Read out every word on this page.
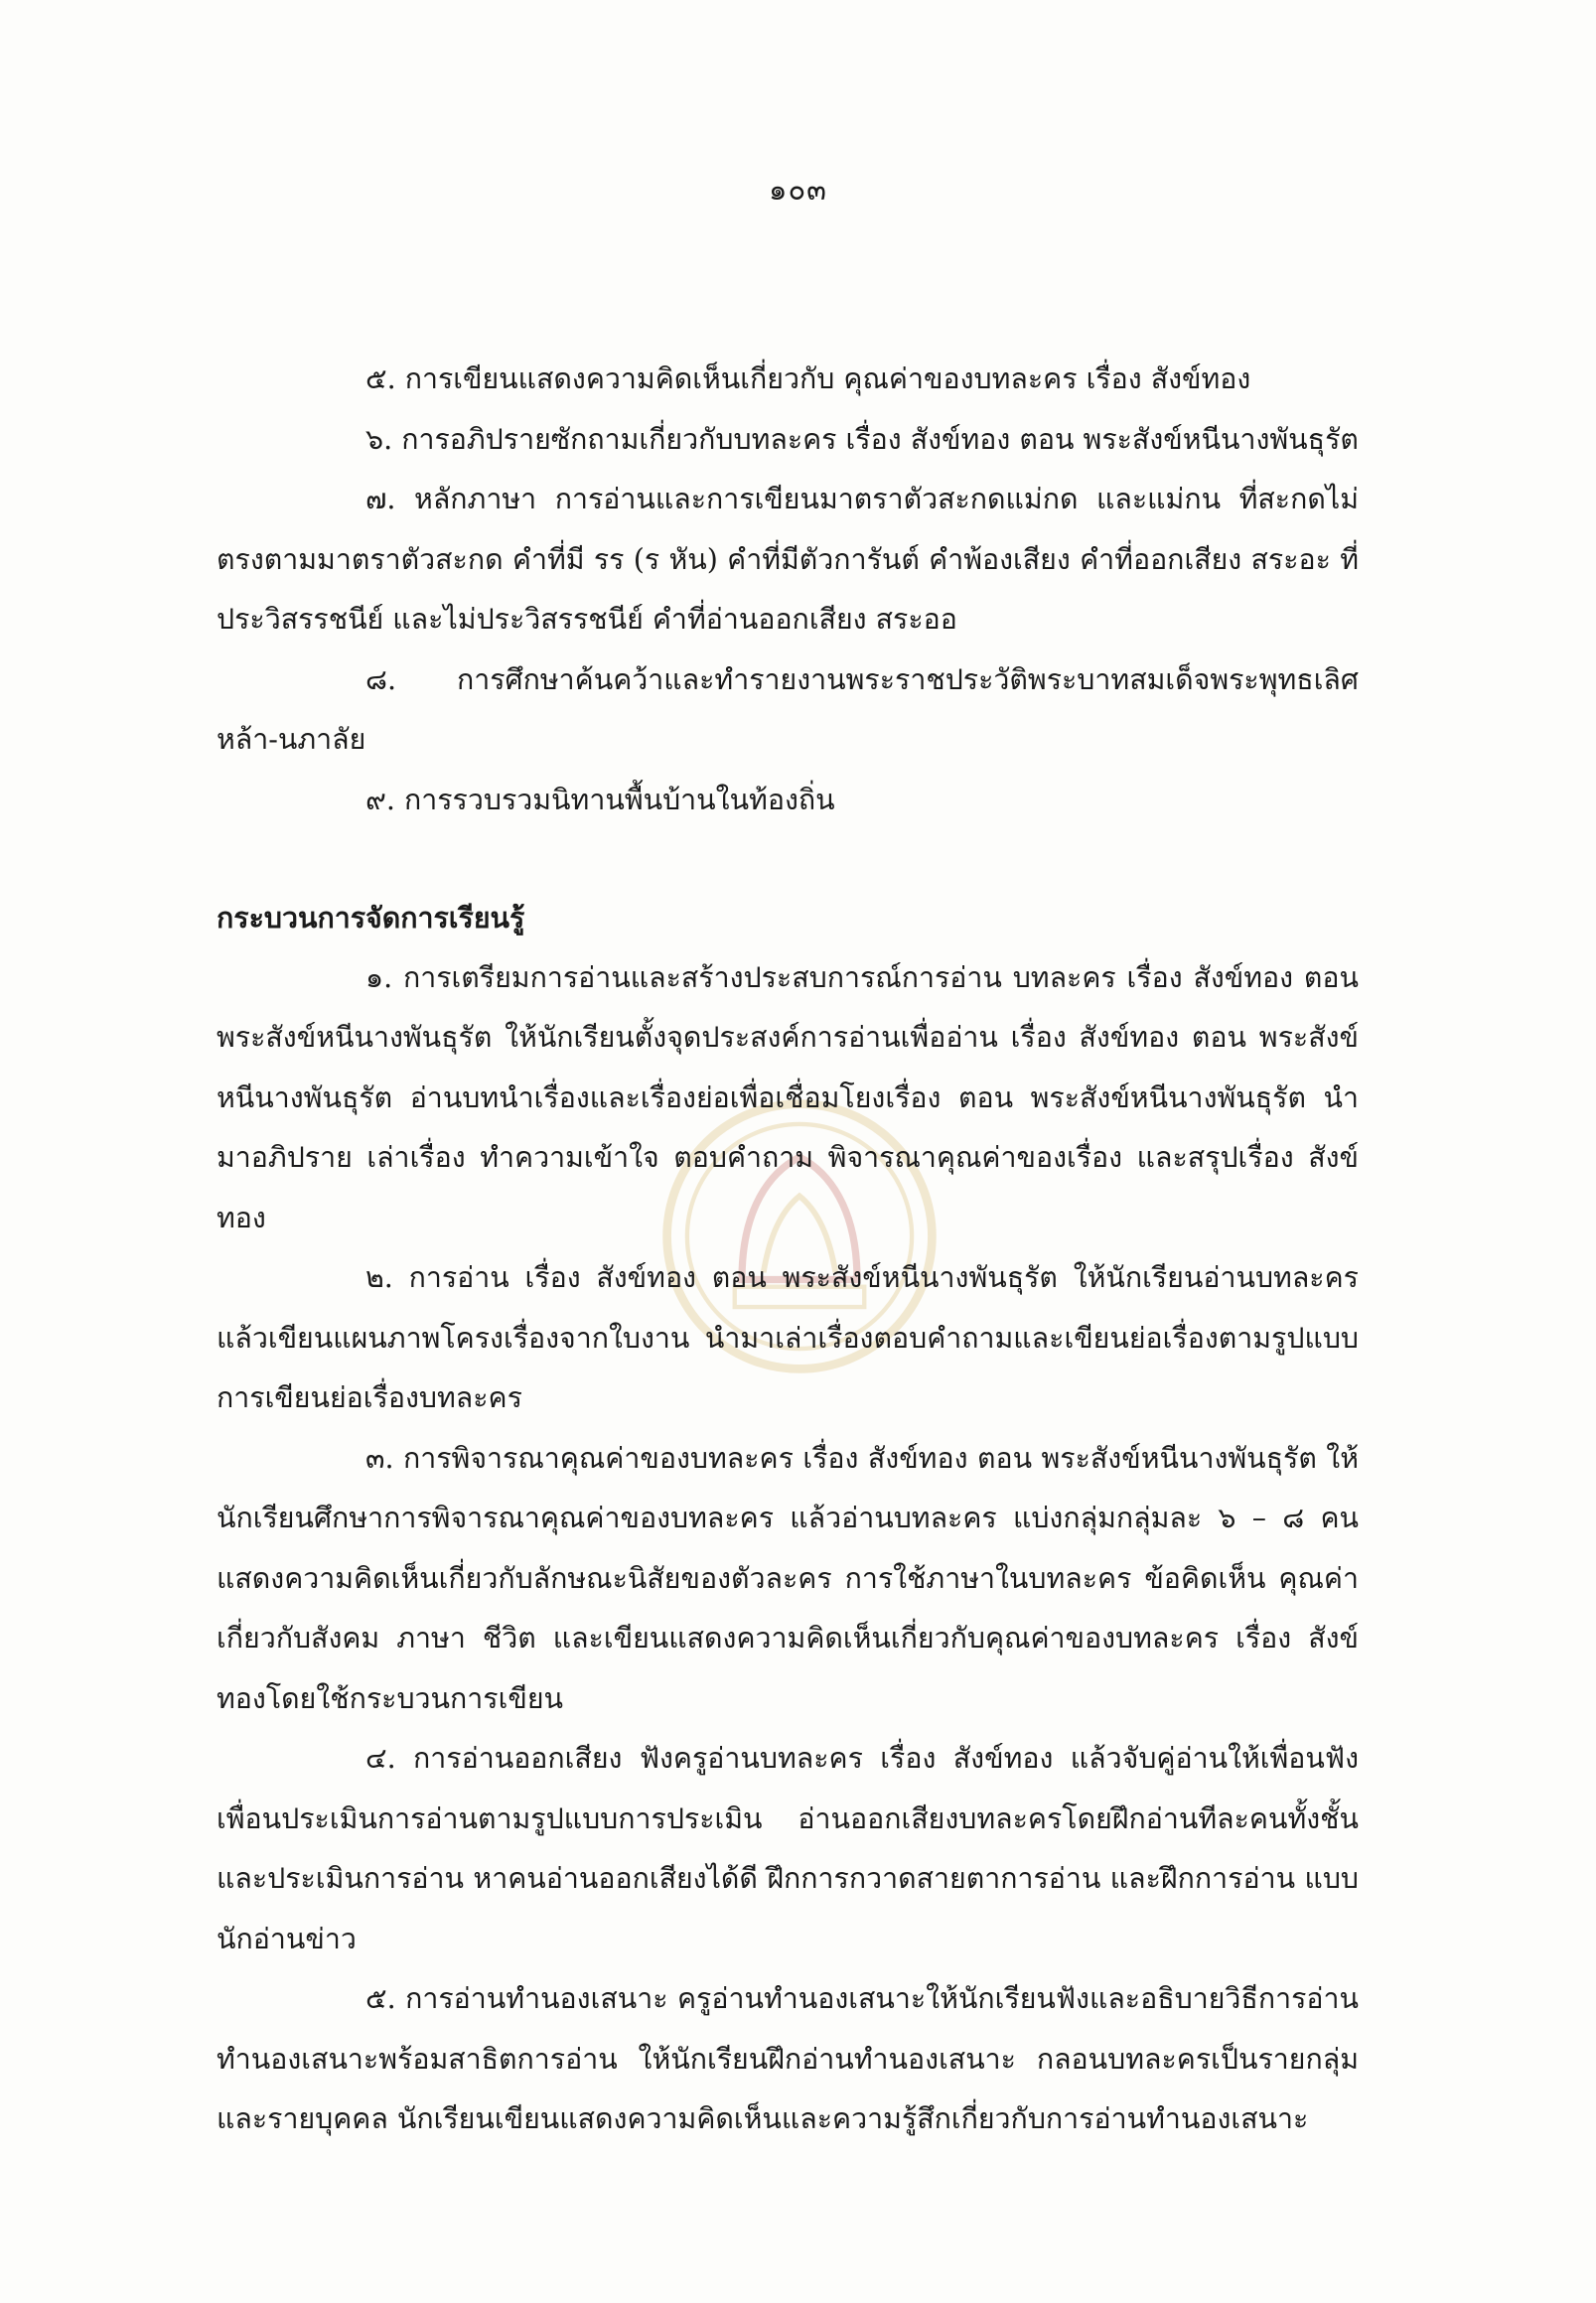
๑๐๓

๕. การเขียนแสดงความคิดเห็นเกี่ยวกับ คุณค่าของบทละคร เรื่อง สังข์ทอง

๖. การอภิปรายซักถามเกี่ยวกับบทละคร เรื่อง สังข์ทอง ตอน พระสังข์หนีนางพันธุรัต

๗. หลักภาษา การอ่านและการเขียนมาตราตัวสะกดแม่กด และแม่กน ที่สะกดไม่ตรงตามมาตราตัวสะกด คำที่มี รร (ร หัน) คำที่มีตัวการันต์ คำพ้องเสียง คำที่ออกเสียง สระอะ ที่ประวิสรรชนีย์ และไม่ประวิสรรชนีย์ คำที่อ่านออกเสียง สระออ

๘. การศึกษาค้นคว้าและทำรายงานพระราชประวัติพระบาทสมเด็จพระพุทธเลิศหล้า-นภาลัย

๙. การรวบรวมนิทานพื้นบ้านในท้องถิ่น

กระบวนการจัดการเรียนรู้

๑. การเตรียมการอ่านและสร้างประสบการณ์การอ่าน บทละคร เรื่อง สังข์ทอง ตอน พระสังข์หนีนางพันธุรัต ให้นักเรียนตั้งจุดประสงค์การอ่านเพื่ออ่าน เรื่อง สังข์ทอง ตอน พระสังข์หนีนางพันธุรัต อ่านบทนำเรื่องและเรื่องย่อเพื่อเชื่อมโยงเรื่อง ตอน พระสังข์หนีนางพันธุรัต นำมาอภิปราย เล่าเรื่อง ทำความเข้าใจ ตอบคำถาม พิจารณาคุณค่าของเรื่อง และสรุปเรื่อง สังข์ทอง

๒. การอ่าน เรื่อง สังข์ทอง ตอน พระสังข์หนีนางพันธุรัต ให้นักเรียนอ่านบทละคร แล้วเขียนแผนภาพโครงเรื่องจากใบงาน นำมาเล่าเรื่องตอบคำถามและเขียนย่อเรื่องตามรูปแบบ การเขียนย่อเรื่องบทละคร

๓. การพิจารณาคุณค่าของบทละคร เรื่อง สังข์ทอง ตอน พระสังข์หนีนางพันธุรัต ให้นักเรียนศึกษาการพิจารณาคุณค่าของบทละคร แล้วอ่านบทละคร แบ่งกลุ่มกลุ่มละ ๖ – ๘ คน แสดงความคิดเห็นเกี่ยวกับลักษณะนิสัยของตัวละคร การใช้ภาษาในบทละคร ข้อคิดเห็น คุณค่าเกี่ยวกับสังคม ภาษา ชีวิต และเขียนแสดงความคิดเห็นเกี่ยวกับคุณค่าของบทละคร เรื่อง สังข์ทองโดยใช้กระบวนการเขียน

๔. การอ่านออกเสียง ฟังครูอ่านบทละคร เรื่อง สังข์ทอง แล้วจับคู่อ่านให้เพื่อนฟัง เพื่อนประเมินการอ่านตามรูปแบบการประเมิน อ่านออกเสียงบทละครโดยฝึกอ่านทีละคนทั้งชั้น และประเมินการอ่าน หาคนอ่านออกเสียงได้ดี ฝึกการกวาดสายตาการอ่าน และฝึกการอ่าน แบบนักอ่านข่าว

๕. การอ่านทำนองเสนาะ ครูอ่านทำนองเสนาะให้นักเรียนฟังและอธิบายวิธีการอ่าน ทำนองเสนาะพร้อมสาธิตการอ่าน ให้นักเรียนฝึกอ่านทำนองเสนาะ กลอนบทละครเป็นรายกลุ่ม และรายบุคคล นักเรียนเขียนแสดงความคิดเห็นและความรู้สึกเกี่ยวกับการอ่านทำนองเสนาะ
